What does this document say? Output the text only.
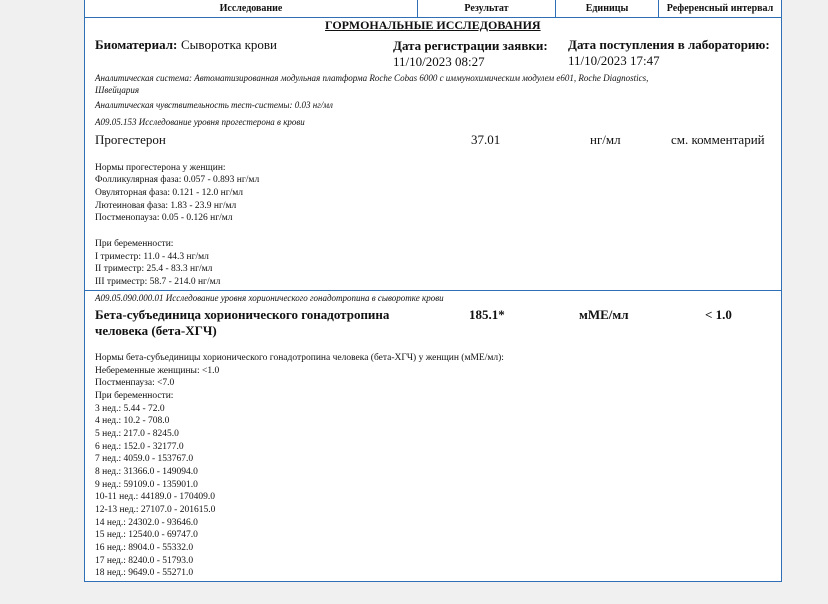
Исследование	Результат	Единицы	Референсный интервал
ГОРМОНАЛЬНЫЕ ИССЛЕДОВАНИЯ
Биоматериал: Сыворотка крови	Дата регистрации заявки:
11/10/2023 08:27
Дата поступления в лабораторию:
11/10/2023 17:47
Аналитическая система: Автоматизированная модульная платформа Roche Cobas 6000 с иммунохимическим модулем e601, Roche Diagnostics,
Швейцария
Аналитическая чувствительность тест-системы: 0.03 нг/мл
A09.05.153 Исследование уровня прогестерона в крови
Прогестерон	37.01	нг/мл	см. комментарий
Нормы прогестерона у женщин:
Фолликулярная фаза: 0.057 - 0.893 нг/мл
Овуляторная фаза: 0.121 - 12.0 нг/мл
Лютеиновая фаза: 1.83 - 23.9 нг/мл
Постменопауза: 0.05 - 0.126 нг/мл
При беременности:
I триместр: 11.0 - 44.3 нг/мл
II триместр: 25.4 - 83.3 нг/мл
III триместр: 58.7 - 214.0 нг/мл
A09.05.090.000.01 Исследование уровня хорионического гонадотропина в сыворотке крови
Бета-субъединица хорионического гонадотропина
человека (бета-ХГЧ)
185.1*	мМЕ/мл	< 1.0
Нормы бета-субъединицы хорионического гонадотропина человека (бета-ХГЧ) у женщин (мМЕ/мл):
Небеременные женщины: <1.0
Постменпауза: <7.0
При беременности:
3 нед.: 5.44 - 72.0
4 нед.: 10.2 - 708.0
5 нед.: 217.0 - 8245.0
6 нед.: 152.0 - 32177.0
7 нед.: 4059.0 - 153767.0
8 нед.: 31366.0 - 149094.0
9 нед.: 59109.0 - 135901.0
10-11 нед.: 44189.0 - 170409.0
12-13 нед.: 27107.0 - 201615.0
14 нед.: 24302.0 - 93646.0
15 нед.: 12540.0 - 69747.0
16 нед.: 8904.0 - 55332.0
17 нед.: 8240.0 - 51793.0
18 нед.: 9649.0 - 55271.0
